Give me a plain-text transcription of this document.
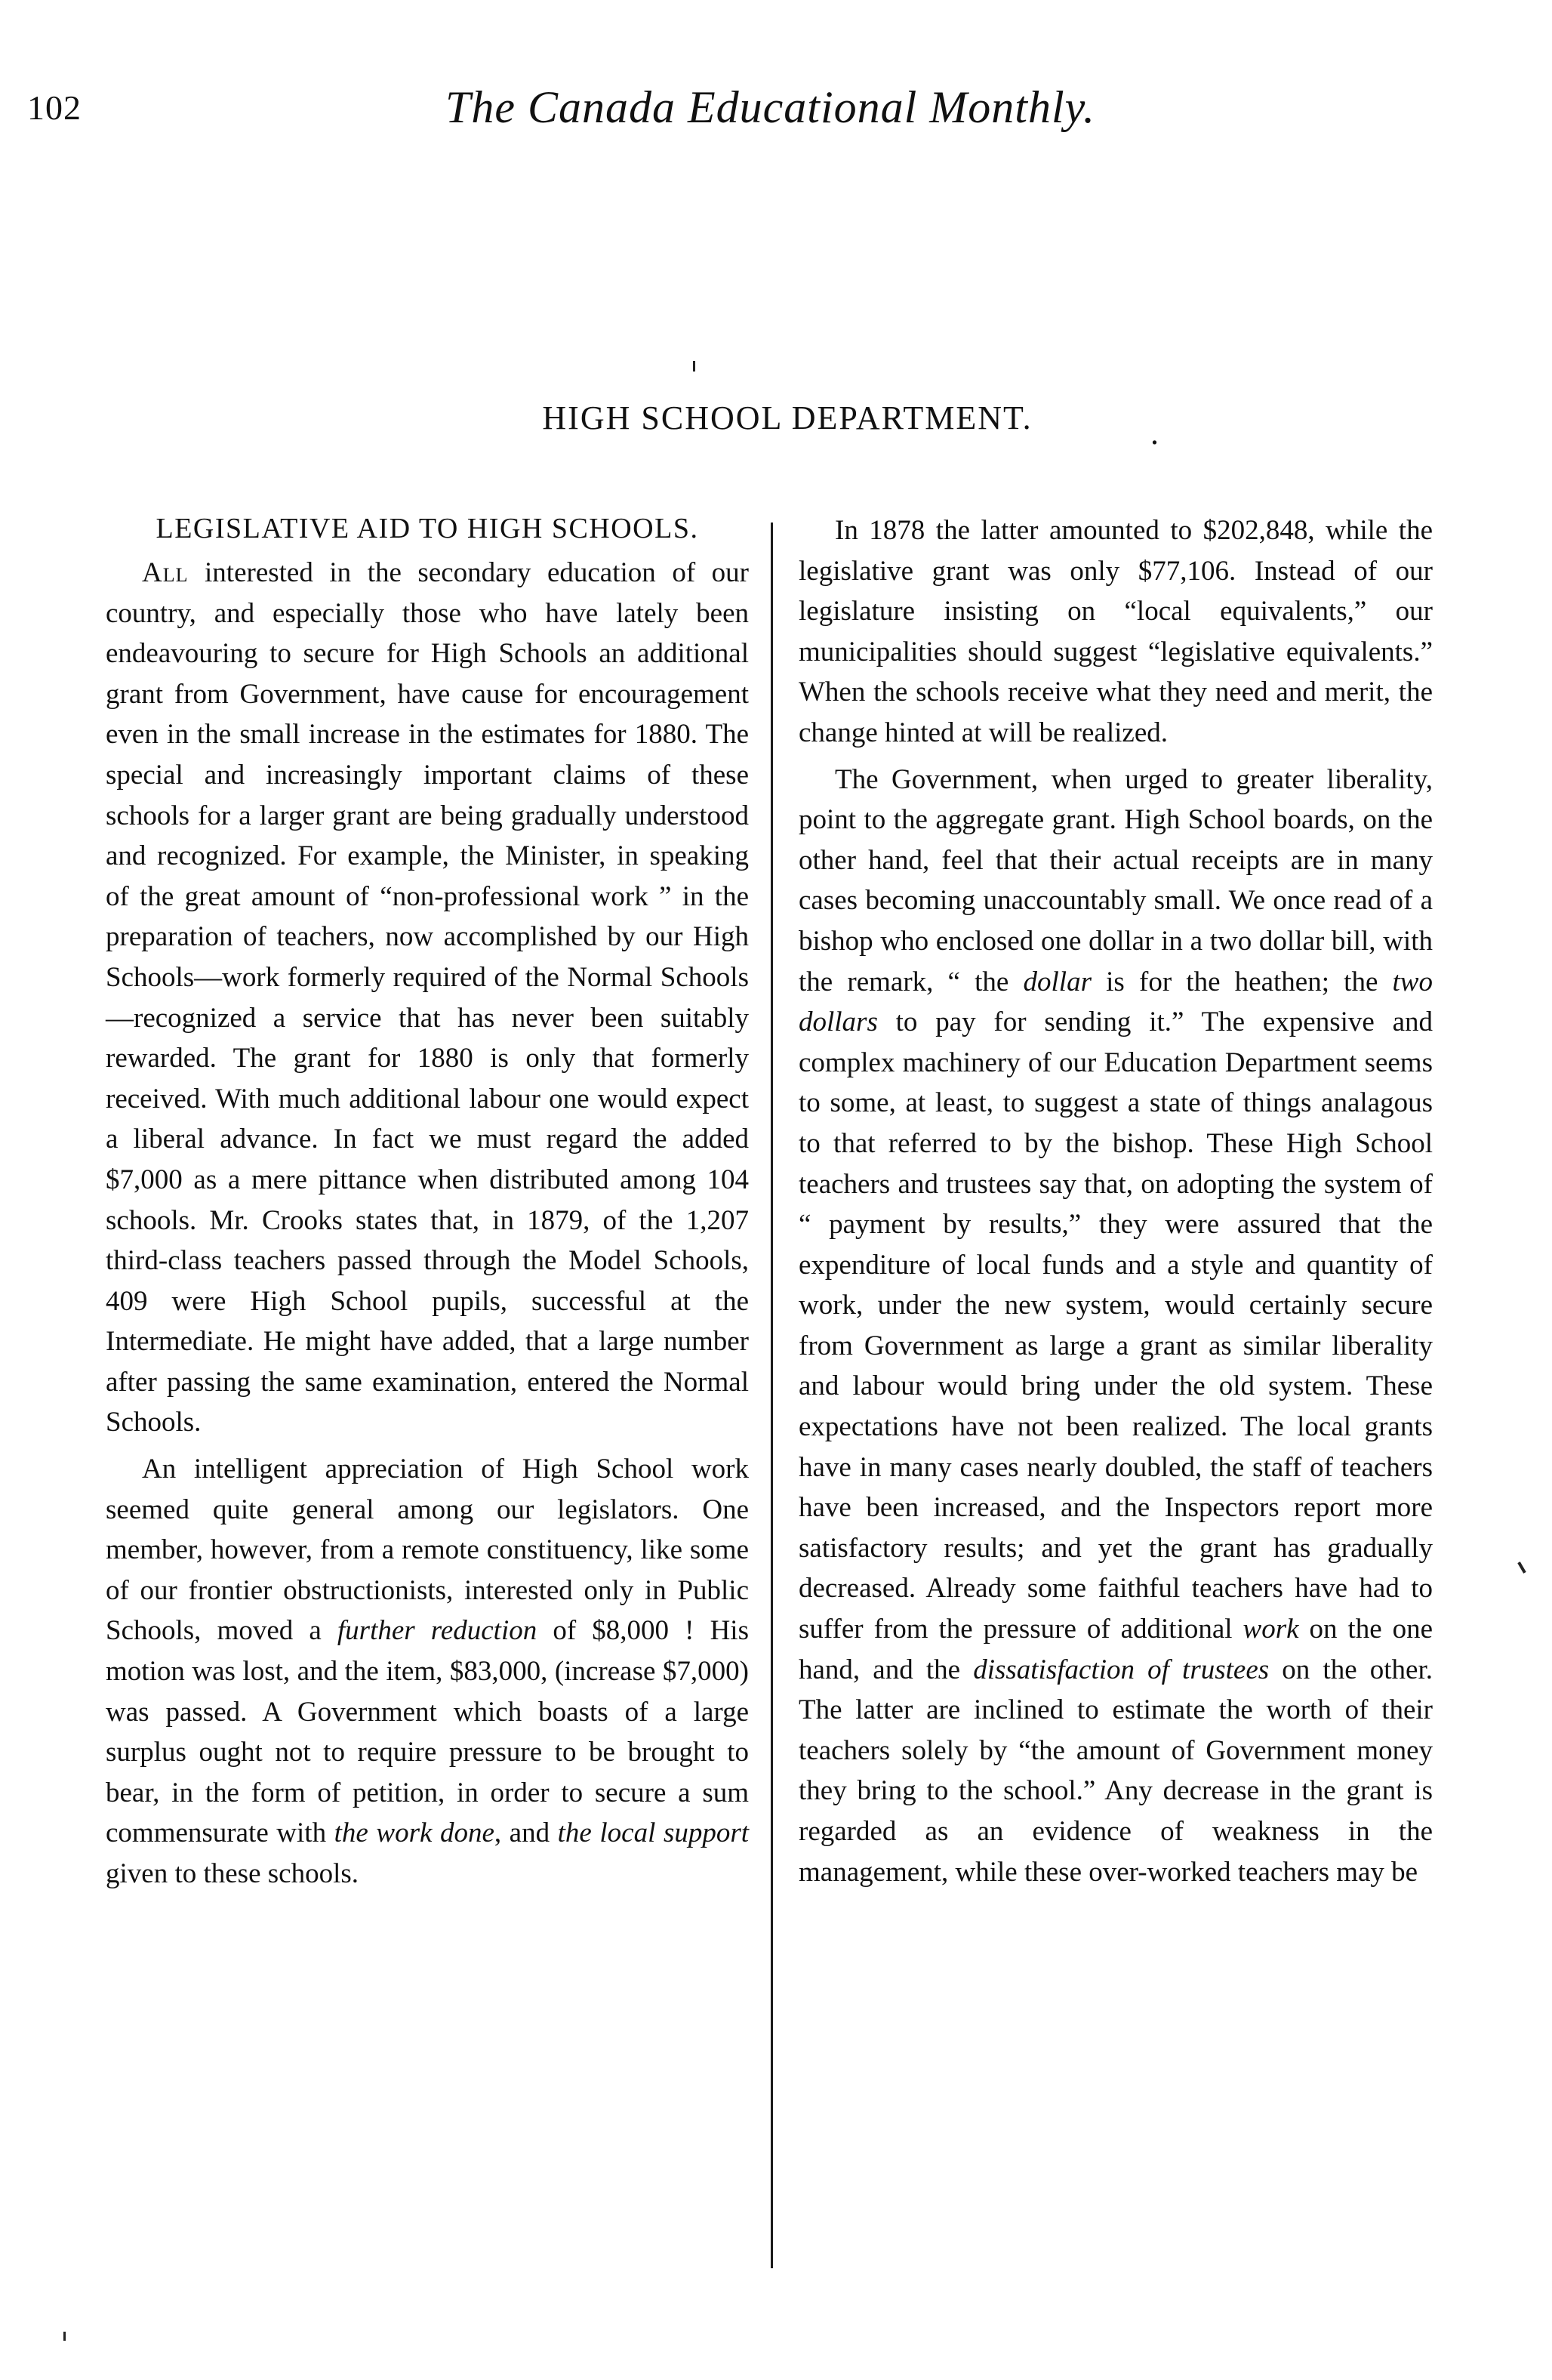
102	The Canada Educational Monthly.
HIGH SCHOOL DEPARTMENT.	.
LEGISLATIVE AID TO HIGH SCHOOLS.

All interested in the secondary education of our country, and especially those who have lately been endeavouring to secure for High Schools an additional grant from Government, have cause for encouragement even in the small increase in the estimates for 1880. The special and increasingly important claims of these schools for a larger grant are being gradually understood and recognized. For example, the Minister, in speaking of the great amount of “non-professional work ” in the preparation of teachers, now accomplished by our High Schools—work formerly required of the Normal Schools—recognized a service that has never been suitably rewarded. The grant for 1880 is only that formerly received. With much additional labour one would expect a liberal advance. In fact we must regard the added $7,000 as a mere pittance when distributed among 104 schools. Mr. Crooks states that, in 1879, of the 1,207 third-class teachers passed through the Model Schools, 409 were High School pupils, successful at the Intermediate. He might have added, that a large number after passing the same examination, entered the Normal Schools.

An intelligent appreciation of High School work seemed quite general among our legislators. One member, however, from a remote constituency, like some of our frontier obstructionists, interested only in Public Schools, moved a further reduction of $8,000 ! His motion was lost, and the item, $83,000, (increase $7,000) was passed. A Government which boasts of a large surplus ought not to require pressure to be brought to bear, in the form of petition, in order to secure a sum commensurate with the work done, and the local support given to these schools.

In 1878 the latter amounted to $202,848, while the legislative grant was only $77,106. Instead of our legislature insisting on “local equivalents,” our municipalities should suggest “legislative equivalents.” When the schools receive what they need and merit, the change hinted at will be realized.

The Government, when urged to greater liberality, point to the aggregate grant. High School boards, on the other hand, feel that their actual receipts are in many cases becoming unaccountably small. We once read of a bishop who enclosed one dollar in a two dollar bill, with the remark, “ the dollar is for the heathen; the two dollars to pay for sending it.” The expensive and complex machinery of our Education Department seems to some, at least, to suggest a state of things analagous to that referred to by the bishop. These High School teachers and trustees say that, on adopting the system of “ payment by results,” they were assured that the expenditure of local funds and a style and quantity of work, under the new system, would certainly secure from Government as large a grant as similar liberality and labour would bring under the old system. These expectations have not been realized. The local grants have in many cases nearly doubled, the staff of teachers have been increased, and the Inspectors report more satisfactory results; and yet the grant has gradually decreased. Already some faithful teachers have had to suffer from the pressure of additional work on the one hand, and the dissatisfaction of trustees on the other. The latter are inclined to estimate the worth of their teachers solely by “the amount of Government money they bring to the school.” Any decrease in the grant is regarded as an evidence of weakness in the management, while these over-worked teachers may be
